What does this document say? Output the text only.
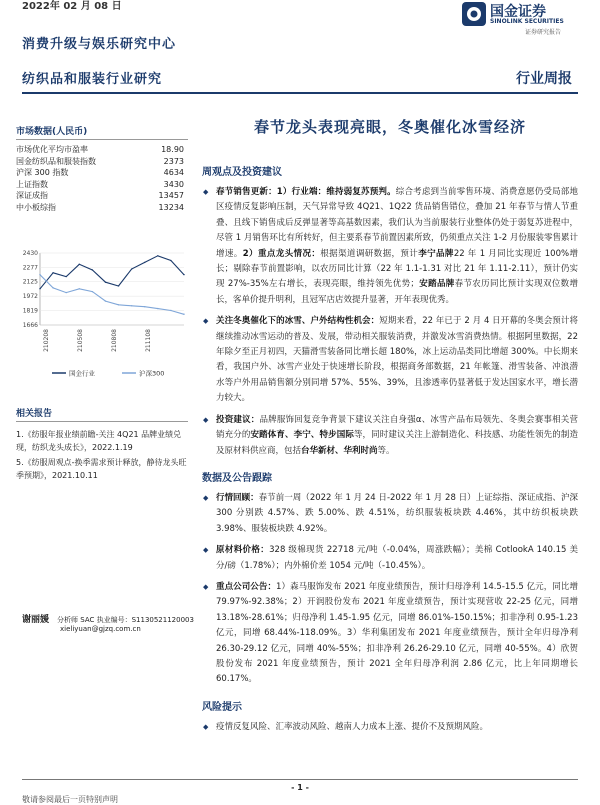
2022年 02 月 08 日	国金证券
SINOLINK SECURITIES
证券研究报告
消费升级与娱乐研究中心
纺织品和服装行业研究	行业周报
市场数据(人民币)
市场优化平均市盈率	18.90
国金纺织品和服装指数	2373
沪深 300 指数	4634
上证指数	3430
深证成指	13457
中小板综指	13234
2430
2277
2125
1972
1819
1666
210208	210508	210808	211108
国金行业	沪深300
相关报告
1.《纺服年报业绩前瞻-关注 4Q21 品牌业绩兑现，纺织龙头成长》，2022.1.19
5.《纺服周观点-换季需求预计释放，静待龙头旺季预期》，2021.10.11
谢丽媛 分析师 SAC 执业编号：S1130521120003
xieliyuan@gjzq.com.cn
春节龙头表现亮眼，冬奥催化冰雪经济
周观点及投资建议
◆ 春节销售更新：1）行业端：维持弱复苏预判。综合考虑到当前零售环境、消费意愿仍受局部地区疫情反复影响压制，天气异常导致 4Q21、1Q22 货品销售错位，叠加 21 年春节与情人节重叠、且线下销售成后反弹显著等高基数因素，我们认为当前服装行业整体仍处于弱复苏进程中，尽管 1 月销售环比有所转好，但主要系春节前置因素所致，仍须重点关注 1-2 月份服装零售累计增速。2）重点龙头情况：根据渠道调研数据，预计李宁品牌22 年 1 月同比实现近 100%增长；剔除春节前置影响，以农历同比计算（22 年 1.1-1.31 对比 21 年 1.11-2.11），预计仍实现 27%-35%左右增长，表现亮眼，维持领先优势；安踏品牌春节农历同比预计实现双位数增长，客单价提升明利，且冠军店店效提升显著，开年表现优秀。
◆ 关注冬奥催化下的冰雪、户外结构性机会：短期来看，22 年已于 2 月 4 日开幕的冬奥会预计将继续推动冰雪运动的普及、发展，带动相关服装消费，并激发冰雪消费热情。根据阿里数据，22 年除夕至正月初四，天猫滑雪装备同比增长超 180%，冰上运动品类同比增超 300%。中长期来看，我国户外、冰雪产业处于快速增长阶段，根据商务部数据，21 年帐篷、滑雪装备、冲浪潜水等户外用品销售额分别同增 57%、55%、39%，且渗透率仍显著低于发达国家水平，增长潜力较大。
◆ 投资建议：品牌服饰回复竞争背景下建议关注自身强α、冰雪产品布局领先、冬奥会赛事相关营销充分的安踏体育、李宁、特步国际等，同时建议关注上游制造化、科技感、功能性领先的制造及原材料供应商，包括台华新材、华利时尚等。
数据及公告跟踪
◆ 行情回顾：春节前一周（2022 年 1 月 24 日-2022 年 1 月 28 日）上证综指、深证成指、沪深 300 分别跌 4.57%、跌 5.00%、跌 4.51%，纺织服装板块跌 4.46%，其中纺织板块跌 3.98%、服装板块跌 4.92%。
◆ 原材料价格：328 级棉现货 22718 元/吨（-0.04%，周涨跌幅）；美棉 CotlookA 140.15 美分/磅（1.78%）；内外棉价差 1054 元/吨（-10.45%）。
◆ 重点公司公告：1）森马服饰发布 2021 年度业绩预告，预计归母净利 14.5-15.5 亿元，同比增 79.97%-92.38%；2）开润股份发布 2021 年度业绩预告，预计实现营收 22-25 亿元，同增 13.18%-28.61%；归母净利 1.45-1.95 亿元，同增 86.01%-150.15%；扣非净利 0.95-1.23 亿元，同增 68.44%-118.09%。3）华利集团发布 2021 年度业绩预告，预计全年归母净利 26.30-29.12 亿元，同增 40%-55%；扣非净利 26.26-29.10 亿元，同增 40-55%。4）欣贺股份发布 2021 年度业绩预告，预计 2021 全年归母净利润 2.86 亿元，比上年同期增长 60.17%。
风险提示
◆ 疫情反复风险、汇率波动风险、越南人力成本上涨、提价不及预期风险。
- 1 -
敬请参阅最后一页特别声明
